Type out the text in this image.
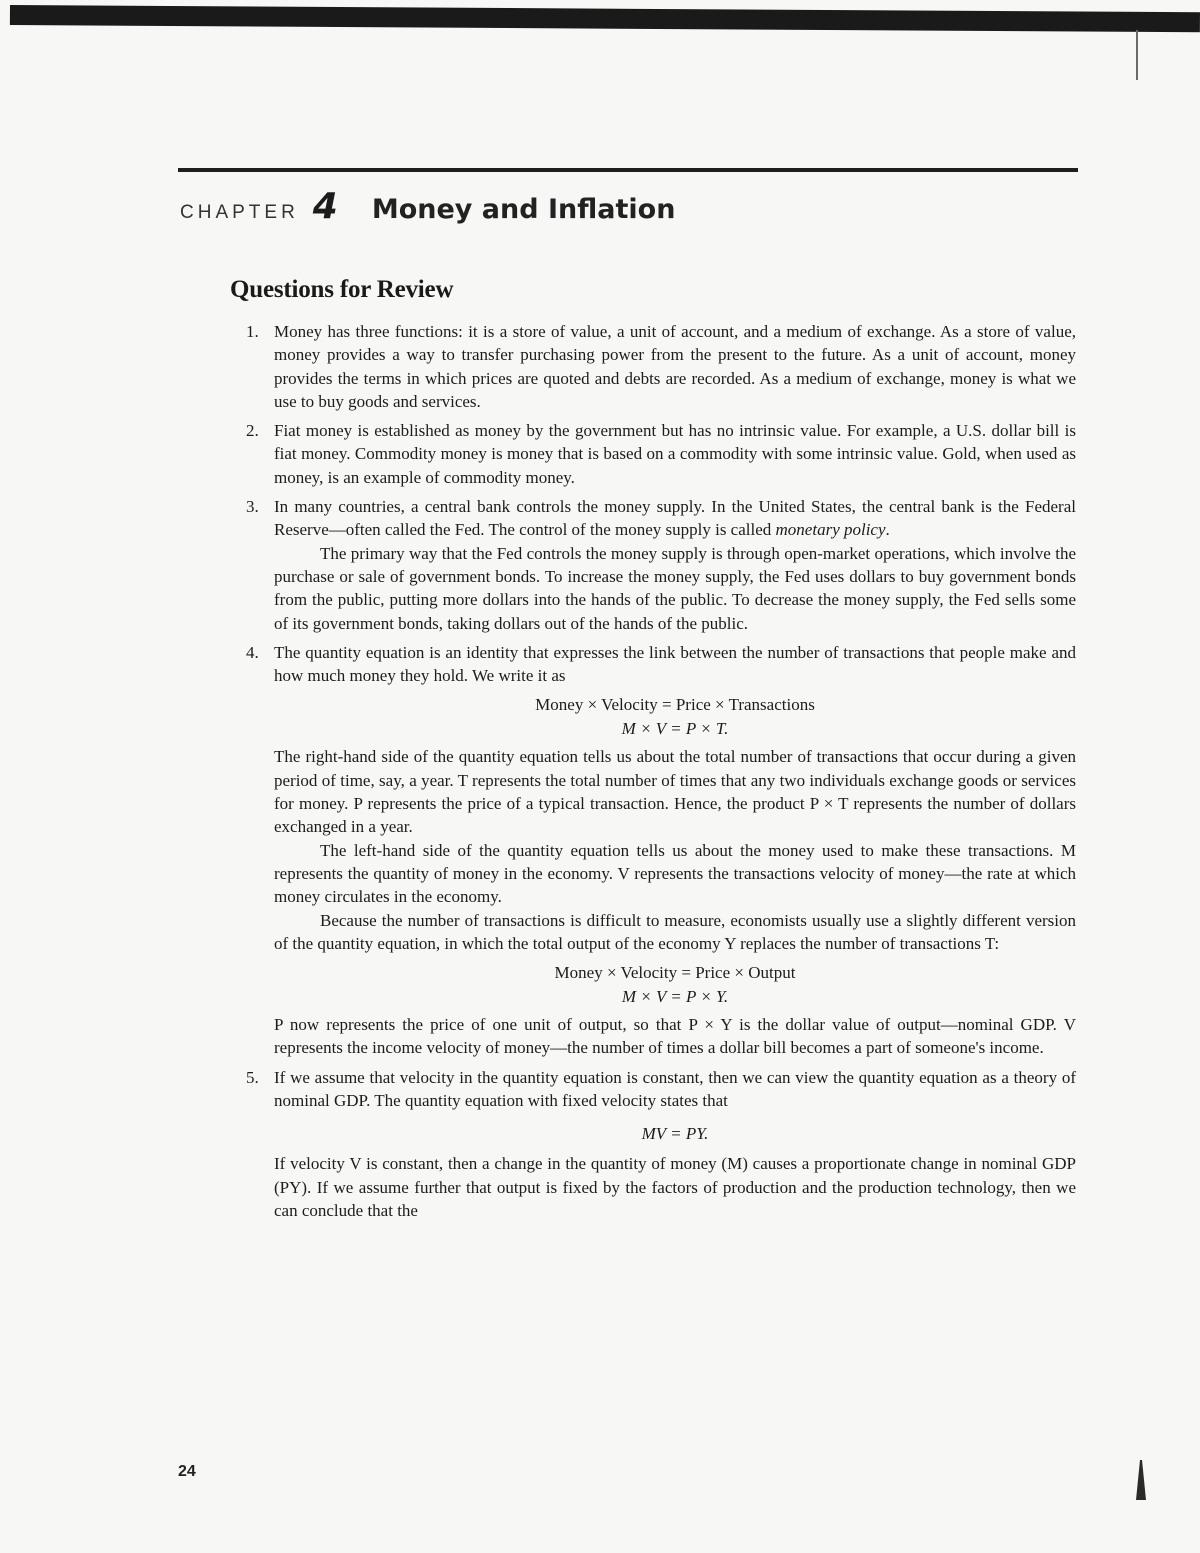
CHAPTER 4 Money and Inflation
Questions for Review
1. Money has three functions: it is a store of value, a unit of account, and a medium of exchange. As a store of value, money provides a way to transfer purchasing power from the present to the future. As a unit of account, money provides the terms in which prices are quoted and debts are recorded. As a medium of exchange, money is what we use to buy goods and services.

2. Fiat money is established as money by the government but has no intrinsic value. For example, a U.S. dollar bill is fiat money. Commodity money is money that is based on a commodity with some intrinsic value. Gold, when used as money, is an example of commodity money.

3. In many countries, a central bank controls the money supply. In the United States, the central bank is the Federal Reserve—often called the Fed. The control of the money supply is called monetary policy.

The primary way that the Fed controls the money supply is through open-market operations, which involve the purchase or sale of government bonds. To increase the money supply, the Fed uses dollars to buy government bonds from the public, putting more dollars into the hands of the public. To decrease the money supply, the Fed sells some of its government bonds, taking dollars out of the hands of the public.

4. The quantity equation is an identity that expresses the link between the number of transactions that people make and how much money they hold. We write it as

Money × Velocity = Price × Transactions

M × V = P × T.

The right-hand side of the quantity equation tells us about the total number of transactions that occur during a given period of time, say, a year. T represents the total number of times that any two individuals exchange goods or services for money. P represents the price of a typical transaction. Hence, the product P × T represents the number of dollars exchanged in a year.

The left-hand side of the quantity equation tells us about the money used to make these transactions. M represents the quantity of money in the economy. V represents the transactions velocity of money—the rate at which money circulates in the economy.

Because the number of transactions is difficult to measure, economists usually use a slightly different version of the quantity equation, in which the total output of the economy Y replaces the number of transactions T:

Money × Velocity = Price × Output

M × V = P × Y.

P now represents the price of one unit of output, so that P × Y is the dollar value of output—nominal GDP. V represents the income velocity of money—the number of times a dollar bill becomes a part of someone's income.

5. If we assume that velocity in the quantity equation is constant, then we can view the quantity equation as a theory of nominal GDP. The quantity equation with fixed velocity states that

MV = PY.

If velocity V is constant, then a change in the quantity of money (M) causes a proportionate change in nominal GDP (PY). If we assume further that output is fixed by the factors of production and the production technology, then we can conclude that the

24
